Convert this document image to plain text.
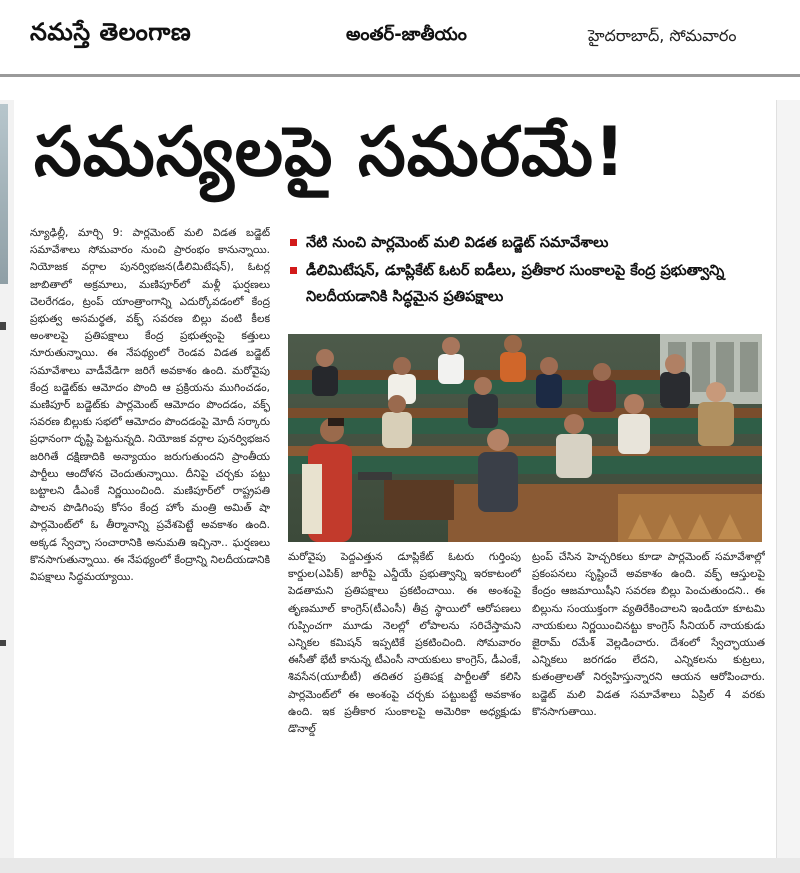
నమస్తే తెలంగాణ	అంతర్-జాతీయం	హైదరాబాద్, సోమవారం
సమస్యలపై సమరమే!

న్యూఢిల్లీ, మార్చి 9: పార్లమెంట్ మలి విడత బడ్జెట్ సమావేశాలు సోమవారం నుంచి ప్రారంభం కానున్నాయి. నియోజక వర్గాల పునర్విభజన(డీలిమిటేషన్), ఓటర్ల జాబితాలో అక్రమాలు, మణిపూర్‌లో మళ్లీ ఘర్షణలు చెలరేగడం, ట్రంప్ యాంత్రాంగాన్ని ఎదుర్కోవడంలో కేంద్ర ప్రభుత్వ అసమర్థత, వక్ఫ్ సవరణ బిల్లు వంటి కీలక అంశాలపై ప్రతిపక్షాలు కేంద్ర ప్రభుత్వంపై కత్తులు నూరుతున్నాయి. ఈ నేపథ్యంలో రెండవ విడత బడ్జెట్ సమావేశాలు వాడీవేడిగా జరిగే అవకాశం ఉంది. మరోవైపు కేంద్ర బడ్జెట్‌కు ఆమోదం పొంది ఆ ప్రక్రియను ముగించడం, మణిపూర్ బడ్జెట్‌కు పార్లమెంట్ ఆమోదం పొందడం, వక్ఫ్ సవరణ బిల్లుకు సభలో ఆమోదం పొందడంపై మోదీ సర్కారు ప్రధానంగా దృష్టి పెట్టనున్నది. నియోజక వర్గాల పునర్విభజన జరిగితే దక్షిణాదికి అన్యాయం జరుగుతుందని ప్రాంతీయ పార్టీలు ఆందోళన చెందుతున్నాయి. దీనిపై చర్చకు పట్టు బట్టాలని డీఎంకే నిర్ణయించింది. మణిపూర్‌లో రాష్ట్రపతి పాలన పొడిగింపు కోసం కేంద్ర హోం మంత్రి అమిత్ షా పార్లమెంట్‌లో ఓ తీర్మానాన్ని ప్రవేశపెట్టే అవకాశం ఉంది. అక్కడ స్వేచ్ఛా సంచారానికి అనుమతి ఇచ్చినా.. ఘర్షణలు కొనసాగుతున్నాయి. ఈ నేపథ్యంలో కేంద్రాన్ని నిలదీయడానికి విపక్షాలు సిద్ధమయ్యాయి.

నేటి నుంచి పార్లమెంట్ మలి విడత బడ్జెట్ సమావేశాలు
డీలిమిటేషన్, డూప్లికేట్ ఓటర్ ఐడీలు, ప్రతీకార సుంకాలపై కేంద్ర ప్రభుత్వాన్ని నిలదీయడానికి సిద్ధమైన ప్రతిపక్షాలు

మరోవైపు పెద్దఎత్తున డూప్లికేట్ ఓటరు గుర్తింపు కార్డుల(ఎపిక్) జారీపై ఎన్డీయే ప్రభుత్వాన్ని ఇరకాటంలో పెడతామని ప్రతిపక్షాలు ప్రకటించాయి. ఈ అంశంపై తృణమూల్ కాంగ్రెస్(టీఎంసీ) తీవ్ర స్థాయిలో ఆరోపణలు గుప్పించగా మూడు నెలల్లో లోపాలను సరిచేస్తామని ఎన్నికల కమిషన్ ఇప్పటికే ప్రకటించింది. సోమవారం ఈసీతో భేటీ కానున్న టీఎంసీ నాయకులు కాంగ్రెస్, డీఎంకే, శివసేన(యూబీటీ) తదితర ప్రతిపక్ష పార్టీలతో కలిసి పార్లమెంట్‌లో ఈ అంశంపై చర్చకు పట్టుబట్టే అవకాశం ఉంది. ఇక ప్రతీకార సుంకాలపై అమెరికా అధ్యక్షుడు డొనాల్డ్

ట్రంప్ చేసిన హెచ్చరికలు కూడా పార్లమెంట్ సమావేశాల్లో ప్రకంపనలు సృష్టించే అవకాశం ఉంది. వక్ఫ్ ఆస్తులపై కేంద్రం ఆజమాయిషీని సవరణ బిల్లు పెంచుతుందని.. ఈ బిల్లును సంయుక్తంగా వ్యతిరేకించాలని ఇండియా కూటమి నాయకులు నిర్ణయించినట్టు కాంగ్రెస్ సీనియర్ నాయకుడు జైరామ్ రమేశ్ వెల్లడించారు. దేశంలో స్వేచ్ఛాయుత ఎన్నికలు జరగడం లేదని, ఎన్నికలను కుట్రలు, కుతంత్రాలతో నిర్వహిస్తున్నారని ఆయన ఆరోపించారు. బడ్జెట్ మలి విడత సమావేశాలు ఏప్రిల్ 4 వరకు కొనసాగుతాయి.
